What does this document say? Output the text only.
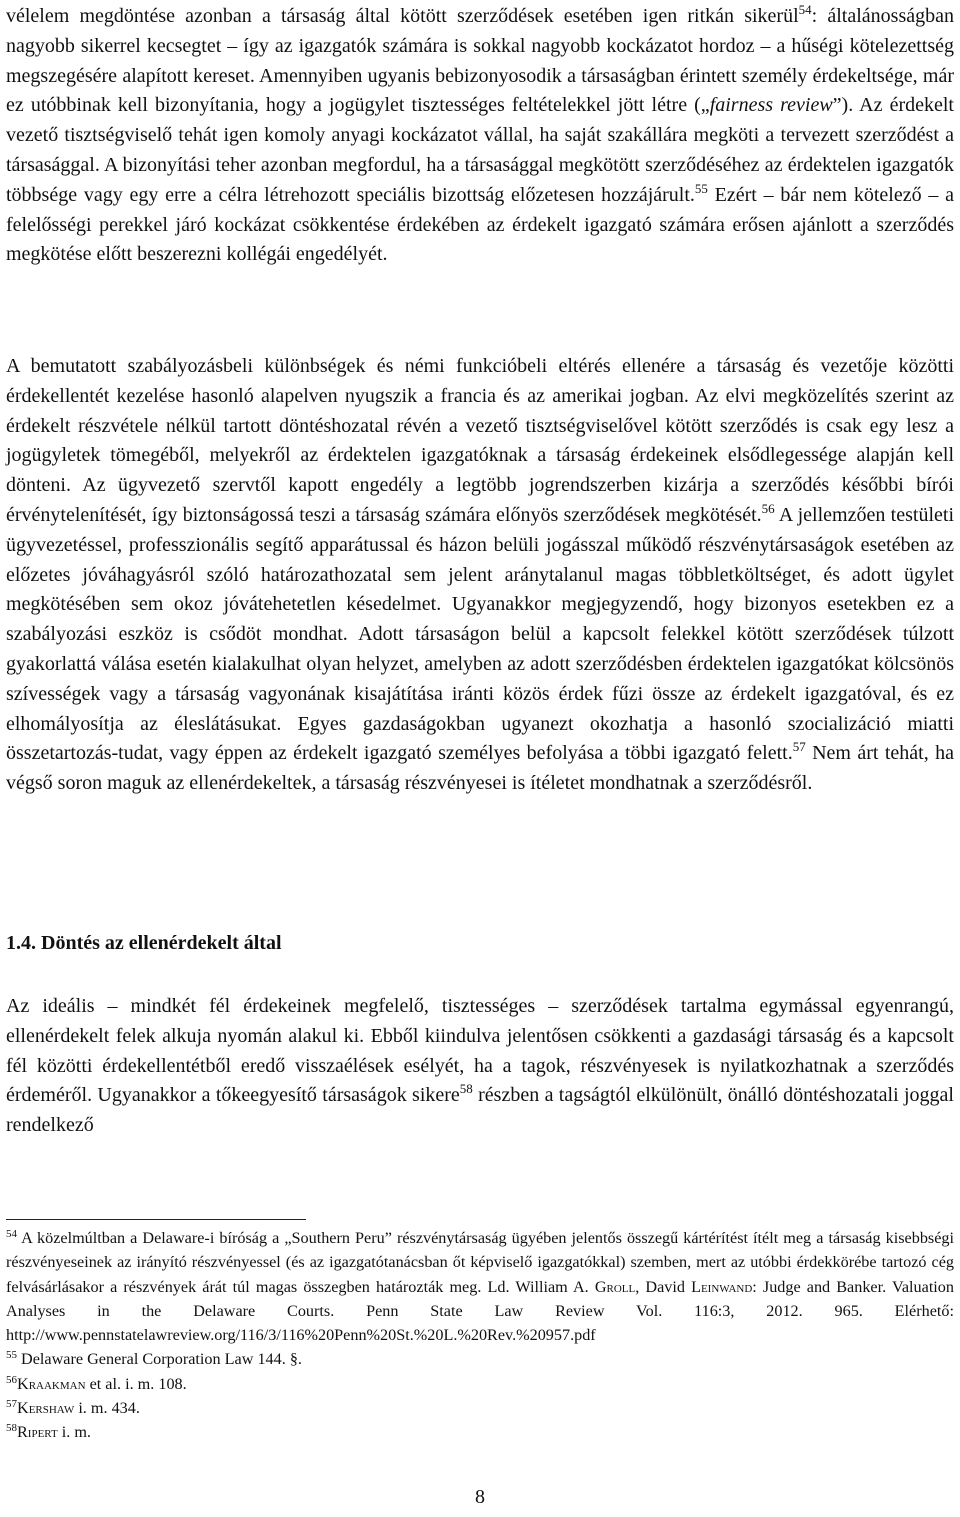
vélelem megdöntése azonban a társaság által kötött szerződések esetében igen ritkán sikerül$^{54}$: általánosságban nagyobb sikerrel kecsegtet – így az igazgatók számára is sokkal nagyobb kockázatot hordoz – a hűségi kötelezettség megszegésére alapított kereset. Amennyiben ugyanis bebizonyosodik a társaságban érintett személy érdekeltsége, már ez utóbbinak kell bizonyítania, hogy a jogügylet tisztességes feltételekkel jött létre („fairness review”). Az érdekelt vezető tisztségviselő tehát igen komoly anyagi kockázatot vállal, ha saját szakállára megköti a tervezett szerződést a társasággal. A bizonyítási teher azonban megfordul, ha a társasággal megkötött szerződéséhez az érdektelen igazgatók többsége vagy egy erre a célra létrehozott speciális bizottság előzetesen hozzájárult.$^{55}$ Ezért – bár nem kötelező – a felelősségi perekkel járó kockázat csökkentése érdekében az érdekelt igazgató számára erősen ajánlott a szerződés megkötése előtt beszerezni kollégái engedélyét.

A bemutatott szabályozásbeli különbségek és némi funkcióbeli eltérés ellenére a társaság és vezetője közötti érdekellentét kezelése hasonló alapelven nyugszik a francia és az amerikai jogban. Az elvi megközelítés szerint az érdekelt részvétele nélkül tartott döntéshozatal révén a vezető tisztségviselővel kötött szerződés is csak egy lesz a jogügyletek tömegéből, melyekről az érdektelen igazgatóknak a társaság érdekeinek elsődlegessége alapján kell dönteni. Az ügyvezető szervtől kapott engedély a legtöbb jogrendszerben kizárja a szerződés későbbi bírói érvénytelenítését, így biztonságossá teszi a társaság számára előnyös szerződések megkötését.$^{56}$ A jellemzően testületi ügyvezetéssel, professzionális segítő apparátussal és házon belüli jogásszal működő részvénytársaságok esetében az előzetes jóváhagyásról szóló határozathozatal sem jelent aránytalanul magas többletköltséget, és adott ügylet megkötésében sem okoz jóvátehetetlen késedelmet. Ugyanakkor megjegyzendő, hogy bizonyos esetekben ez a szabályozási eszköz is csődöt mondhat. Adott társaságon belül a kapcsolt felekkel kötött szerződések túlzott gyakorlattá válása esetén kialakulhat olyan helyzet, amelyben az adott szerződésben érdektelen igazgatókat kölcsönös szívességek vagy a társaság vagyonának kisajátítása iránti közös érdek fűzi össze az érdekelt igazgatóval, és ez elhomályosítja az éleslátásukat. Egyes gazdaságokban ugyanezt okozhatja a hasonló szocializáció miatti összetartozás-tudat, vagy éppen az érdekelt igazgató személyes befolyása a többi igazgató felett.$^{57}$ Nem árt tehát, ha végső soron maguk az ellenérdekeltek, a társaság részvényesei is ítéletet mondhatnak a szerződésről.

1.4. Döntés az ellenérdekelt által

Az ideális – mindkét fél érdekeinek megfelelő, tisztességes – szerződések tartalma egymással egyenrangú, ellenérdekelt felek alkuja nyomán alakul ki. Ebből kiindulva jelentősen csökkenti a gazdasági társaság és a kapcsolt fél közötti érdekellentétből eredő visszaélések esélyét, ha a tagok, részvényesek is nyilatkozhatnak a szerződés érdeméről. Ugyanakkor a tőkeegyesítő társaságok sikere$^{58}$ részben a tagságtól elkülönült, önálló döntéshozatali joggal rendelkező

$^{54}$ A közelmúltban a Delaware-i bíróság a „Southern Peru” részvénytársaság ügyében jelentős összegű kártérítést ítélt meg a társaság kisebbségi részvényeseinek az irányító részvényessel (és az igazgatótanácsban őt képviselő igazgatókkal) szemben, mert az utóbbi érdekkörébe tartozó cég felvásárlásakor a részvények árát túl magas összegben határozták meg. Ld. William A. Groll, David Leinwand: Judge and Banker. Valuation Analyses in the Delaware Courts. Penn State Law Review Vol. 116:3, 2012. 965. Elérhető: http://www.pennstatelawreview.org/116/3/116%20Penn%20St.%20L.%20Rev.%20957.pdf

$^{55}$ Delaware General Corporation Law 144. §.

$^{56}$Kraakman et al. i. m. 108.

$^{57}$Kershaw i. m. 434.

$^{58}$Ripert i. m.

8
